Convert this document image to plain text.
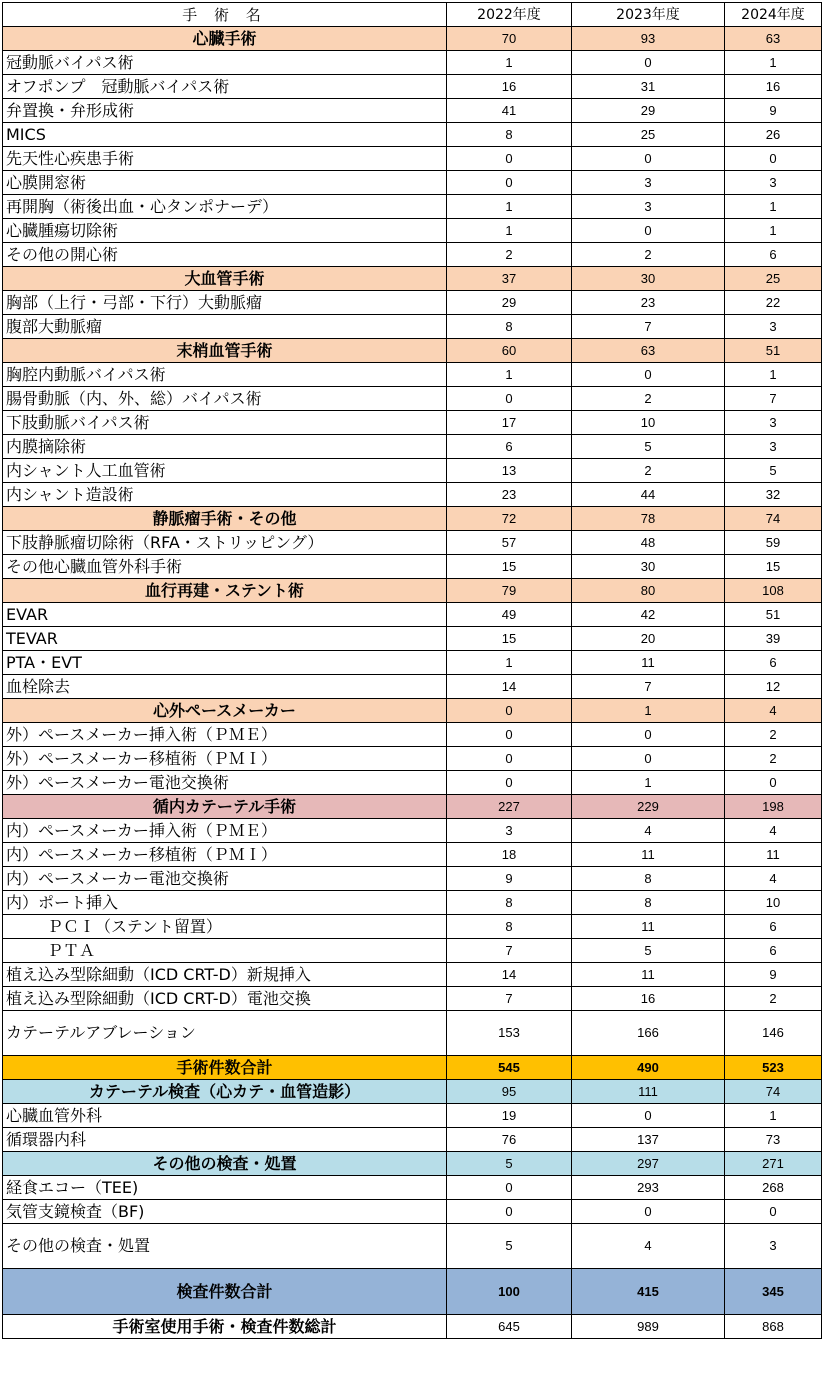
手 術 名	2022年度	2023年度	2024年度
心臓手術	70	93	63
冠動脈バイパス術	1	0	1
オフポンプ　冠動脈バイパス術	16	31	16
弁置換・弁形成術	41	29	9
MICS	8	25	26
先天性心疾患手術	0	0	0
心膜開窓術	0	3	3
再開胸（術後出血・心タンポナーデ）	1	3	1
心臓腫瘍切除術	1	0	1
その他の開心術	2	2	6
大血管手術	37	30	25
胸部（上行・弓部・下行）大動脈瘤	29	23	22
腹部大動脈瘤	8	7	3
末梢血管手術	60	63	51
胸腔内動脈バイパス術	1	0	1
腸骨動脈（内、外、総）バイパス術	0	2	7
下肢動脈バイパス術	17	10	3
内膜摘除術	6	5	3
内シャント人工血管術	13	2	5
内シャント造設術	23	44	32
静脈瘤手術・その他	72	78	74
下肢静脈瘤切除術（RFA・ストリッピング）	57	48	59
その他心臓血管外科手術	15	30	15
血行再建・ステント術	79	80	108
EVAR	49	42	51
TEVAR	15	20	39
PTA・EVT	1	11	6
血栓除去	14	7	12
心外ペースメーカー	0	1	4
外）ペースメーカー挿入術（ＰＭＥ）	0	0	2
外）ペースメーカー移植術（ＰＭＩ）	0	0	2
外）ペースメーカー電池交換術	0	1	0
循内カテーテル手術	227	229	198
内）ペースメーカー挿入術（ＰＭＥ）	3	4	4
内）ペースメーカー移植術（ＰＭＩ）	18	11	11
内）ペースメーカー電池交換術	9	8	4
内）ポート挿入	8	8	10
ＰＣＩ（ステント留置）	8	11	6
ＰＴＡ	7	5	6
植え込み型除細動（ICD CRT-D）新規挿入	14	11	9
植え込み型除細動（ICD CRT-D）電池交換	7	16	2
カテーテルアブレーション	153	166	146
手術件数合計	545	490	523
カテーテル検査（心カテ・血管造影）	95	111	74
心臓血管外科	19	0	1
循環器内科	76	137	73
その他の検査・処置	5	297	271
経食エコー（TEE)	0	293	268
気管支鏡検査（BF)	0	0	0
その他の検査・処置	5	4	3
検査件数合計	100	415	345
手術室使用手術・検査件数総計	645	989	868
